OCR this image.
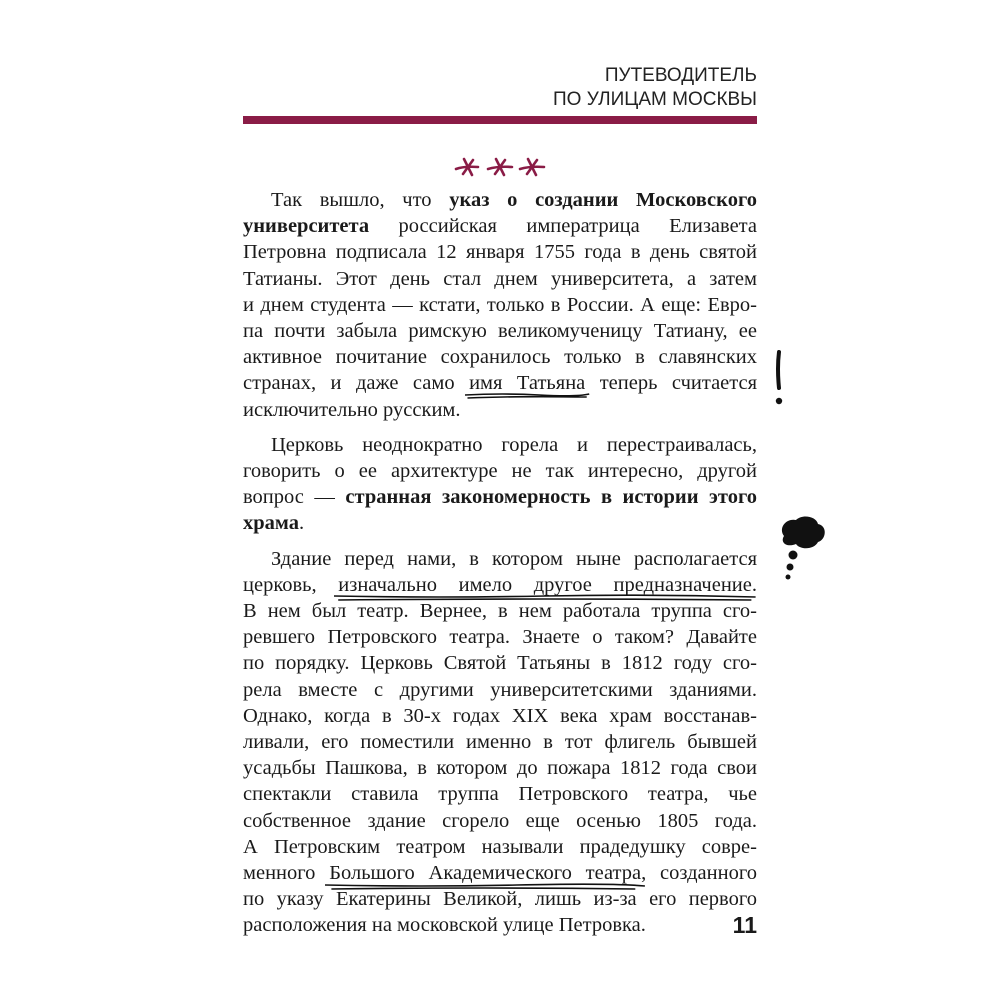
ПУТЕВОДИТЕЛЬ
ПО УЛИЦАМ МОСКВЫ
Так вышло, что указ о создании Московского
университета российская императрица Елизавета
Петровна подписала 12 января 1755 года в день святой
Татианы. Этот день стал днем университета, а затем
и днем студента — кстати, только в России. А еще: Евро-
па почти забыла римскую великомученицу Татиану, ее
активное почитание сохранилось только в славянских
странах, и даже само имя Татьяна
теперь считается
исключительно русским.
Церковь неоднократно горела и перестраивалась,
говорить о ее архитектуре не так интересно, другой
вопрос — странная закономерность в истории этого
храма.
Здание перед нами, в котором ныне располагается
церковь, изначально имело другое предназначение
.
В нем был театр. Вернее, в нем работала труппа сго-
ревшего Петровского театра. Знаете о таком? Давайте
по порядку. Церковь Святой Татьяны в 1812 году сго-
рела вместе с другими университетскими зданиями.
Однако, когда в 30-х годах XIX века храм восстанав-
ливали, его поместили именно в тот флигель бывшей
усадьбы Пашкова, в котором до пожара 1812 года свои
спектакли ставила труппа Петровского театра, чье
собственное здание сгорело еще осенью 1805 года.
А Петровским театром называли прадедушку совре-
менного Большого Академического театра
, созданного
по указу Екатерины Великой, лишь из-за его первого
расположения на московской улице Петровка.	11
